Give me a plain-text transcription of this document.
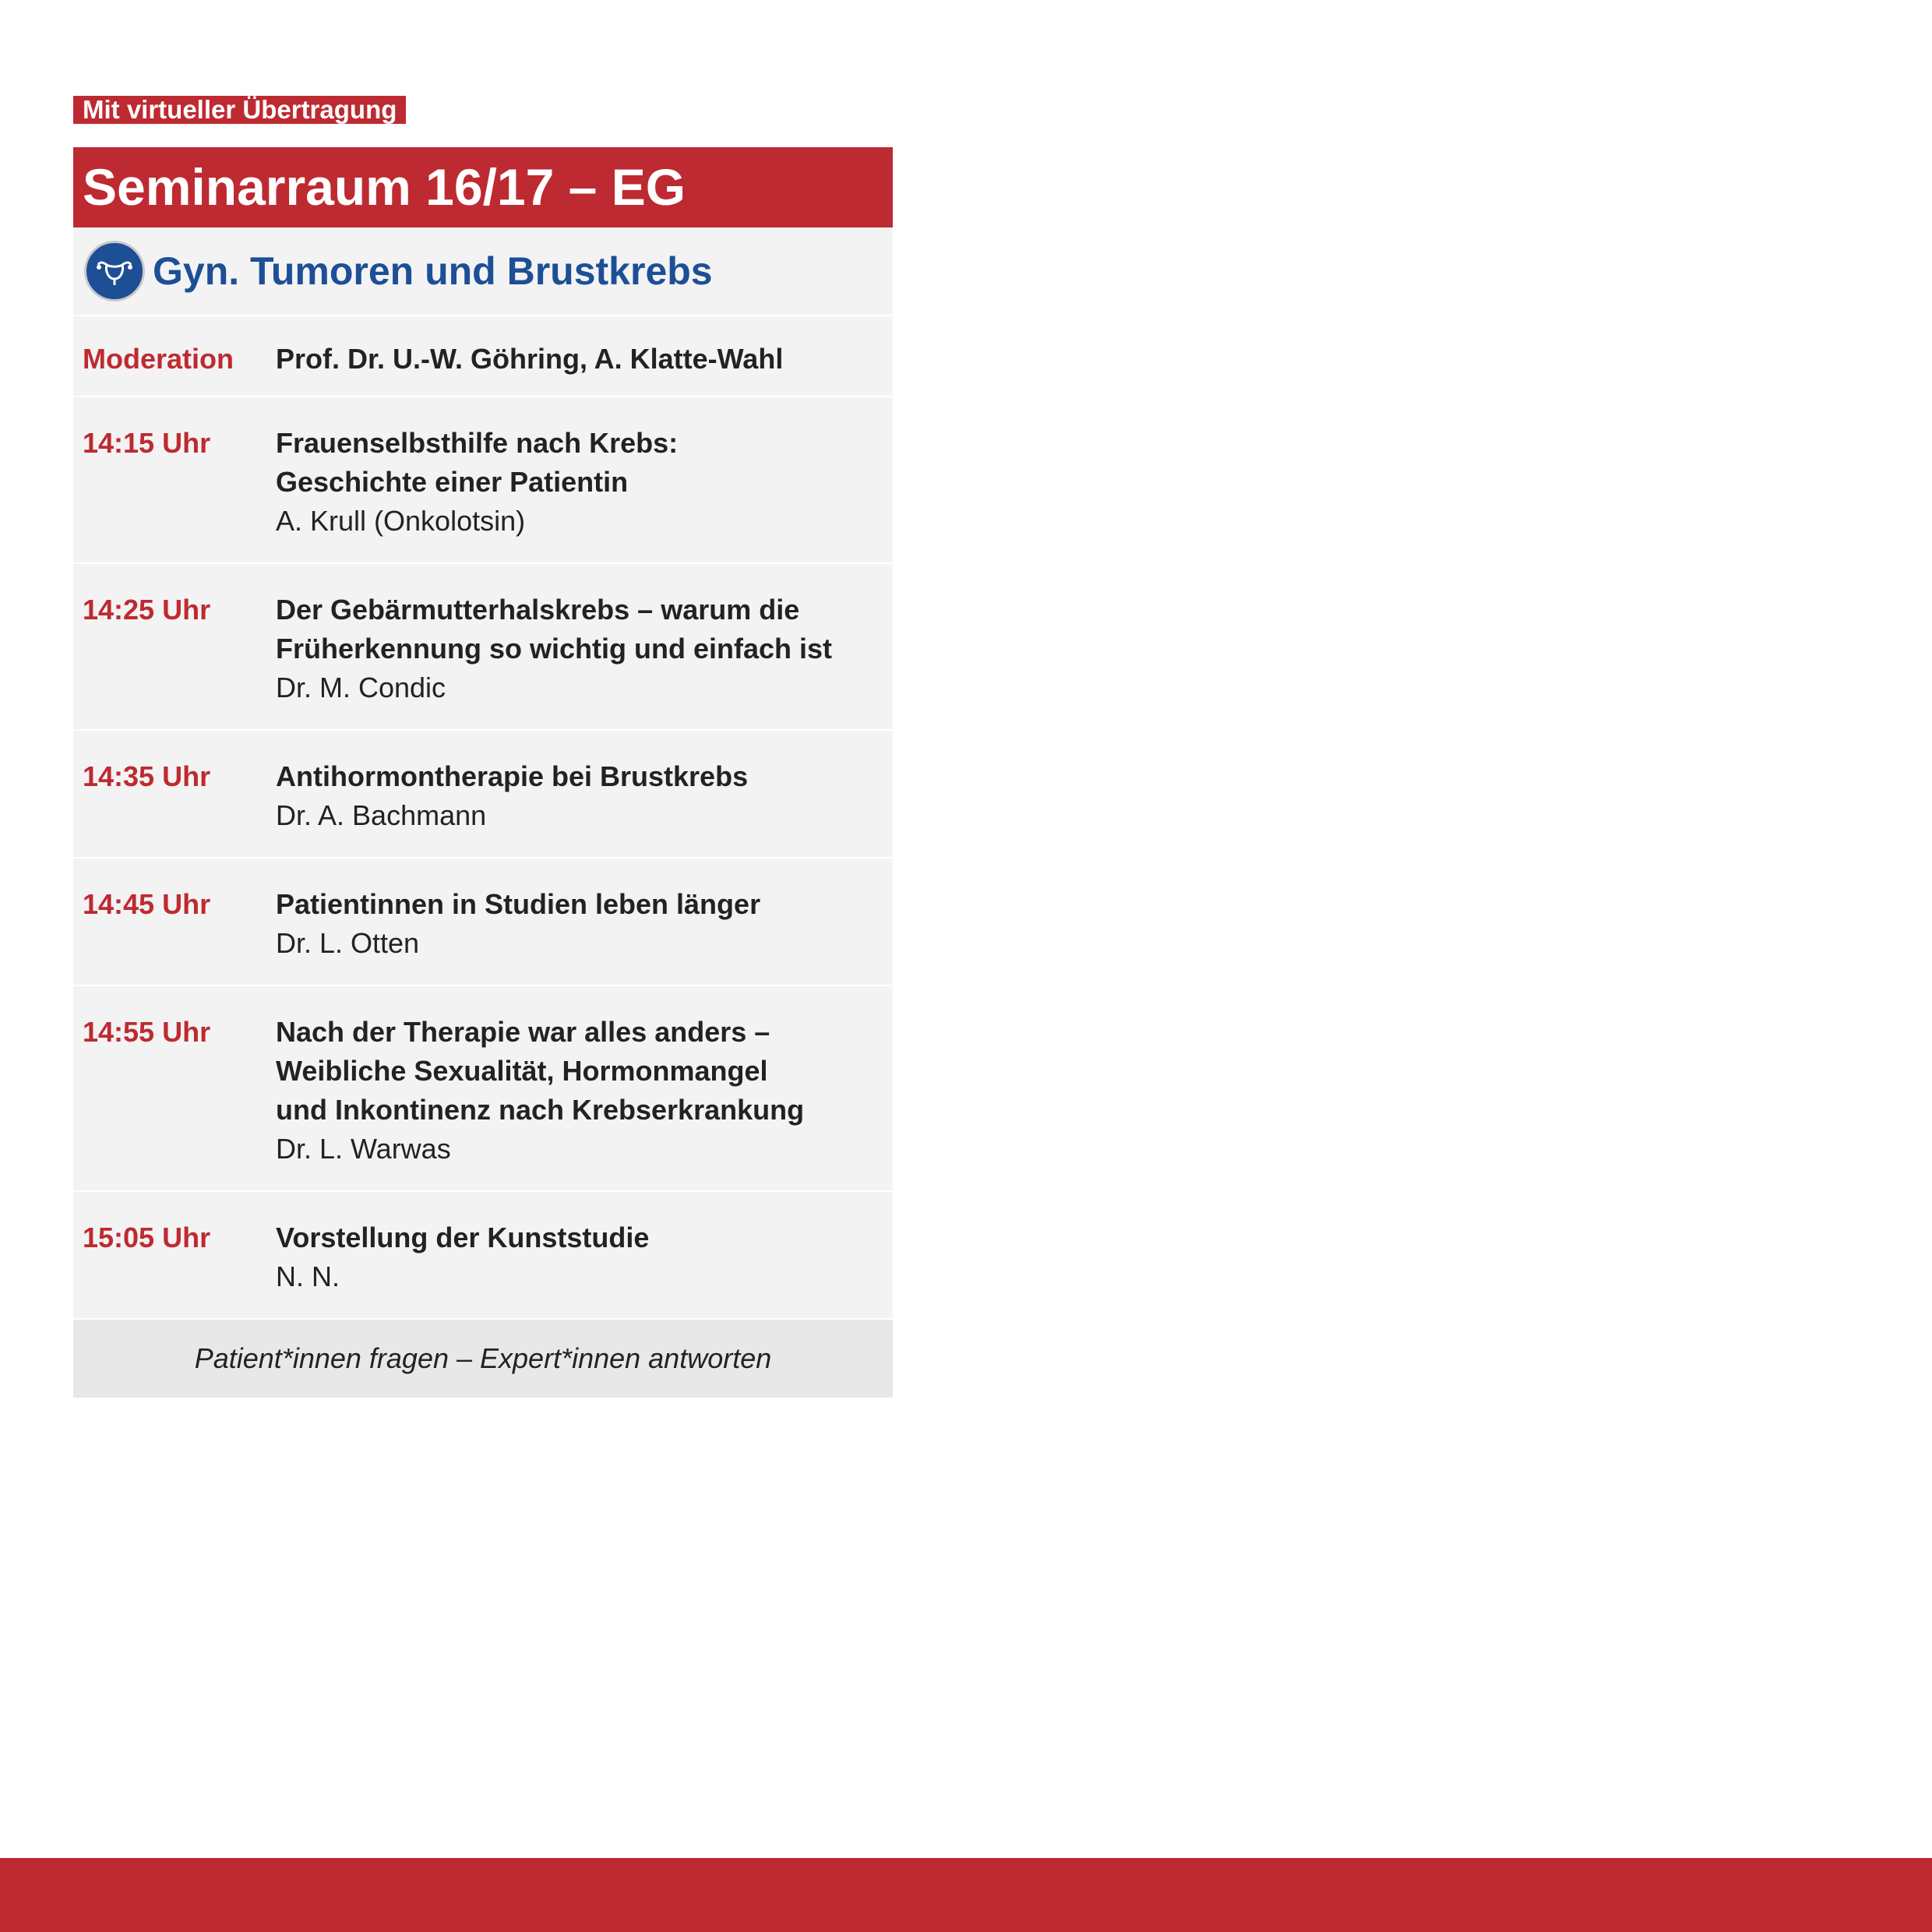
Mit virtueller Übertragung
Seminarraum 16/17 – EG
Gyn. Tumoren und Brustkrebs
Moderation	Prof. Dr. U.-W. Göhring, A. Klatte-Wahl
14:15 Uhr	Frauenselbsthilfe nach Krebs:
Geschichte einer Patientin
A. Krull (Onkolotsin)
14:25 Uhr	Der Gebärmutterhalskrebs – warum die
Früherkennung so wichtig und einfach ist
Dr. M. Condic
14:35 Uhr	Antihormontherapie bei Brustkrebs
Dr. A. Bachmann
14:45 Uhr	Patientinnen in Studien leben länger
Dr. L. Otten
14:55 Uhr	Nach der Therapie war alles anders –
Weibliche Sexualität, Hormonmangel
und Inkontinenz nach Krebserkrankung
Dr. L. Warwas
15:05 Uhr	Vorstellung der Kunststudie
N. N.
Patient*innen fragen – Expert*innen antworten
